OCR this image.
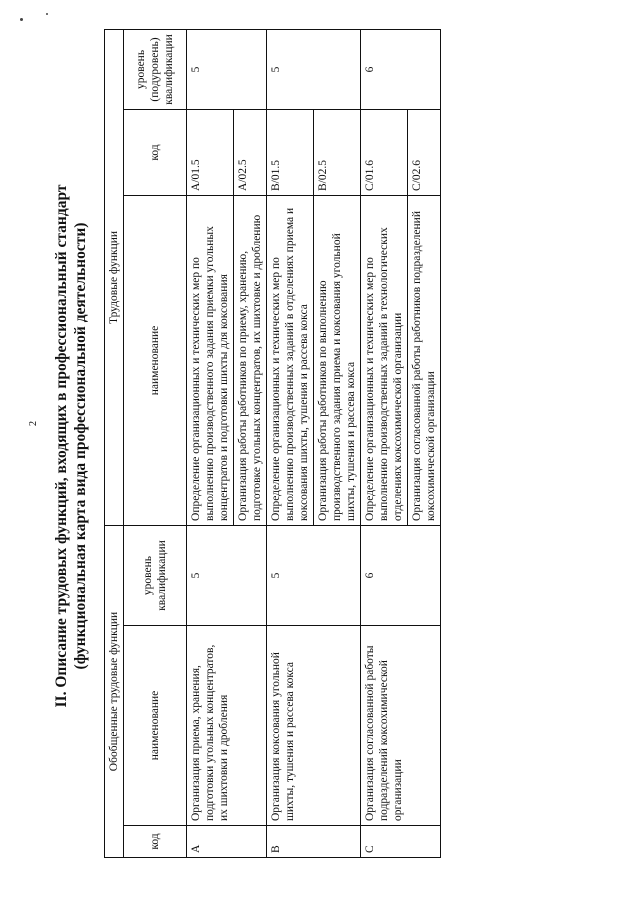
2 II. Описание трудовых функций, входящих в профессиональный стандарт (функциональная карта вида профессиональной деятельности)
Обобщенные трудовые функции			Трудовые функции		
код	наименование	уровень квалификации	наименование	код	уровень (подуровень) квалификации
A	Организация приема, хранения, подготовки угольных концентратов, их шихтовки и дробления	5	Определение организационных и технических мер по выполнению производственного задания приемки угольных концентратов и подготовки шихты для коксования	A/01.5	5
			Организация работы работников по приему, хранению, подготовке угольных концентратов, их шихтовке и дроблению	A/02.5	
B	Организация коксования угольной шихты, тушения и рассева кокса	5	Определение организационных и технических мер по выполнению производственных заданий в отделениях приема и коксования шихты, тушения и рассева кокса	B/01.5	5
			Организация работы работников по выполнению производственного задания приема и коксования угольной шихты, тушения и рассева кокса	B/02.5	
C	Организация согласованной работы подразделений коксохимической организации	6	Определение организационных и технических мер по выполнению производственных заданий в технологических отделениях коксохимической организации	C/01.6	6
			Организация согласованной работы работников подразделений коксохимической организации	C/02.6	
